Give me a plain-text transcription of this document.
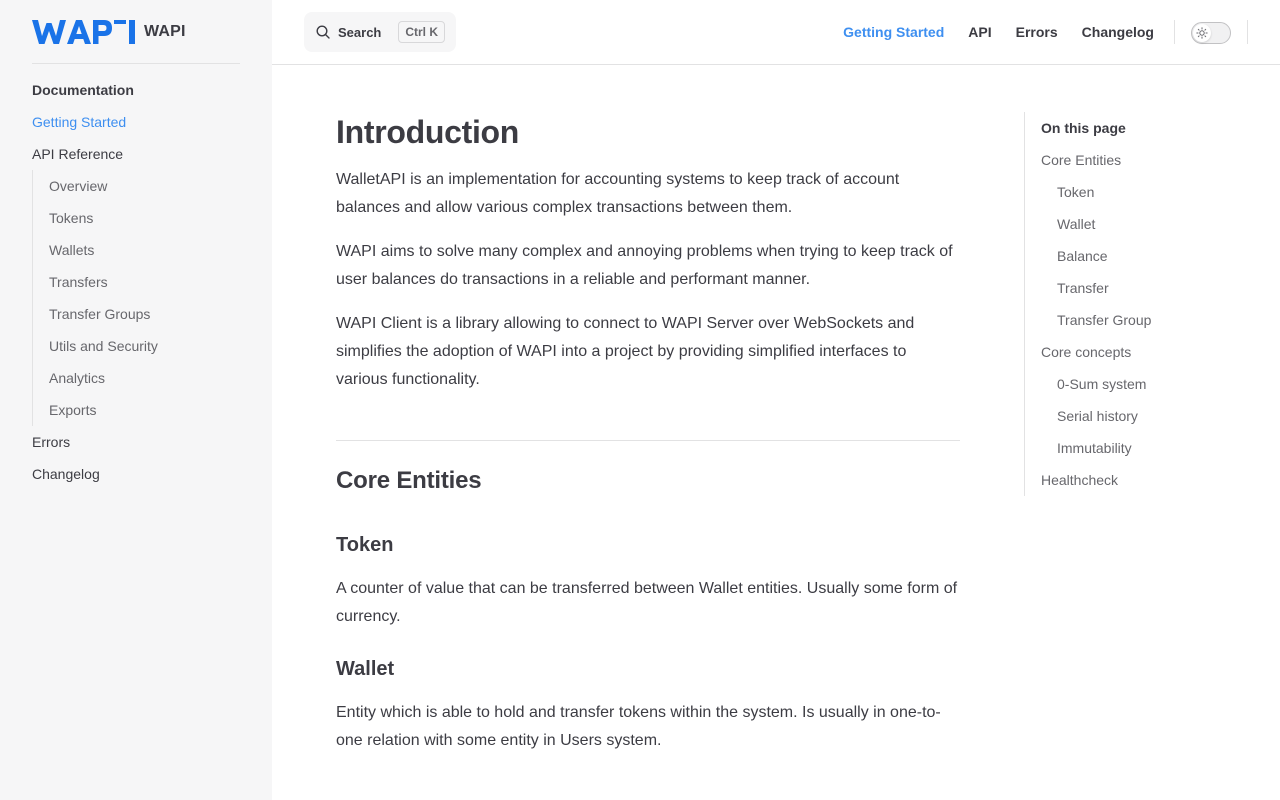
WAPI
Documentation
Getting Started
API Reference
Overview
Tokens
Wallets
Transfers
Transfer Groups
Utils and Security
Analytics
Exports
Errors
Changelog
Search	Ctrl K	Getting Started API Errors Changelog
Introduction

WalletAPI is an implementation for accounting systems to keep track of account balances and allow various complex transactions between them.

WAPI aims to solve many complex and annoying problems when trying to keep track of user balances do transactions in a reliable and performant manner.

WAPI Client is a library allowing to connect to WAPI Server over WebSockets and simplifies the adoption of WAPI into a project by providing simplified interfaces to various functionality.

Core Entities
Token

A counter of value that can be transferred between Wallet entities. Usually some form of currency.

Wallet

Entity which is able to hold and transfer tokens within the system. Is usually in one-to-one relation with some entity in Users system.

On this page
Core Entities
Token
Wallet
Balance
Transfer
Transfer Group
Core concepts
0-Sum system
Serial history
Immutability
Healthcheck
